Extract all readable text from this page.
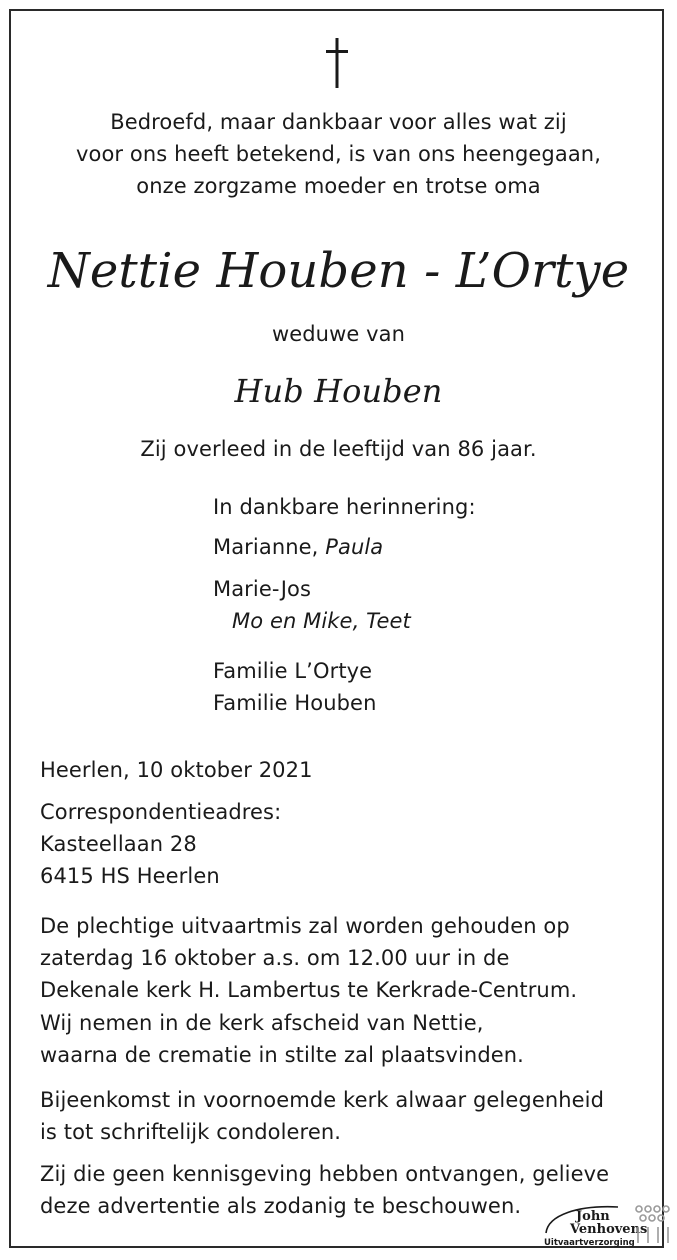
Bedroefd, maar dankbaar voor alles wat zij
voor ons heeft betekend, is van ons heengegaan,
onze zorgzame moeder en trotse oma
Nettie Houben - L’Ortye
weduwe van
Hub Houben
Zij overleed in de leeftijd van 86 jaar.
In dankbare herinnering:
Marianne, Paula
Marie-Jos
Mo en Mike, Teet
Familie L’Ortye
Familie Houben
Heerlen, 10 oktober 2021
Correspondentieadres:
Kasteellaan 28
6415 HS Heerlen
De plechtige uitvaartmis zal worden gehouden op
zaterdag 16 oktober a.s. om 12.00 uur in de
Dekenale kerk H. Lambertus te Kerkrade-Centrum.
Wij nemen in de kerk afscheid van Nettie,
waarna de crematie in stilte zal plaatsvinden.
Bijeenkomst in voornoemde kerk alwaar gelegenheid
is tot schriftelijk condoleren.
Zij die geen kennisgeving hebben ontvangen, gelieve
deze advertentie als zodanig te beschouwen.	John
Venhovens
Uitvaartverzorging
